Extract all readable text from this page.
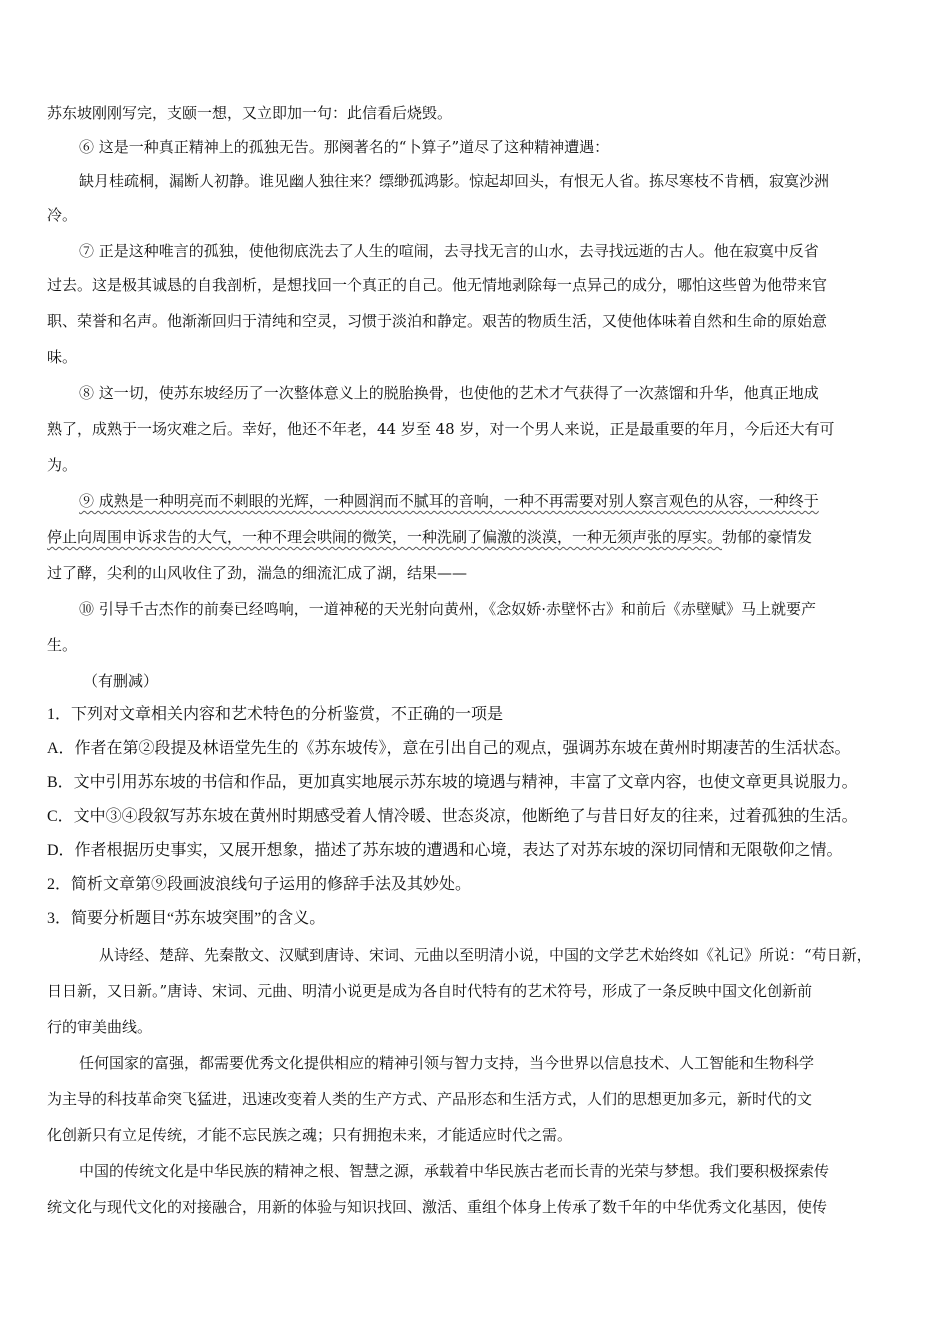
苏东坡刚刚写完，支颐一想，又立即加一句：此信看后烧毁。

⑥ 这是一种真正精神上的孤独无告。那阕著名的“卜算子”道尽了这种精神遭遇：

缺月桂疏桐，漏断人初静。谁见幽人独往来？缥缈孤鸿影。惊起却回头，有恨无人省。拣尽寒枝不肯栖，寂寞沙洲

冷。

⑦ 正是这种唯言的孤独，使他彻底洗去了人生的喧闹，去寻找无言的山水，去寻找远逝的古人。他在寂寞中反省

过去。这是极其诚恳的自我剖析，是想找回一个真正的自己。他无情地剥除每一点异己的成分，哪怕这些曾为他带来官

职、荣誉和名声。他渐渐回归于清纯和空灵，习惯于淡泊和静定。艰苦的物质生活，又使他体味着自然和生命的原始意

味。

⑧ 这一切，使苏东坡经历了一次整体意义上的脱胎换骨，也使他的艺术才气获得了一次蒸馏和升华，他真正地成

熟了，成熟于一场灾难之后。幸好，他还不年老，44 岁至 48 岁，对一个男人来说，正是最重要的年月，今后还大有可

为。

⑨ 成熟是一种明亮而不刺眼的光辉，一种圆润而不腻耳的音响，一种不再需要对别人察言观色的从容，一种终于

停止向周围申诉求告的大气，一种不理会哄闹的微笑，一种洗刷了偏激的淡漠，一种无须声张的厚实。勃郁的豪情发

过了酵，尖利的山风收住了劲，湍急的细流汇成了湖，结果——

⑩ 引导千古杰作的前奏已经鸣响，一道神秘的天光射向黄州，《念奴娇·赤壁怀古》和前后《赤壁赋》马上就要产

生。

（有删减）

1．下列对文章相关内容和艺术特色的分析鉴赏，不正确的一项是

A．作者在第②段提及林语堂先生的《苏东坡传》，意在引出自己的观点，强调苏东坡在黄州时期凄苦的生活状态。

B．文中引用苏东坡的书信和作品，更加真实地展示苏东坡的境遇与精神，丰富了文章内容，也使文章更具说服力。

C．文中③④段叙写苏东坡在黄州时期感受着人情冷暖、世态炎凉，他断绝了与昔日好友的往来，过着孤独的生活。

D．作者根据历史事实，又展开想象，描述了苏东坡的遭遇和心境，表达了对苏东坡的深切同情和无限敬仰之情。

2．简析文章第⑨段画波浪线句子运用的修辞手法及其妙处。

3．简要分析题目“苏东坡突围”的含义。

从诗经、楚辞、先秦散文、汉赋到唐诗、宋词、元曲以至明清小说，中国的文学艺术始终如《礼记》所说：“苟日新，

日日新，又日新。”唐诗、宋词、元曲、明清小说更是成为各自时代特有的艺术符号，形成了一条反映中国文化创新前

行的审美曲线。

任何国家的富强，都需要优秀文化提供相应的精神引领与智力支持，当今世界以信息技术、人工智能和生物科学

为主导的科技革命突飞猛进，迅速改变着人类的生产方式、产品形态和生活方式，人们的思想更加多元，新时代的文

化创新只有立足传统，才能不忘民族之魂；只有拥抱未来，才能适应时代之需。

中国的传统文化是中华民族的精神之根、智慧之源，承载着中华民族古老而长青的光荣与梦想。我们要积极探索传

统文化与现代文化的对接融合，用新的体验与知识找回、激活、重组个体身上传承了数千年的中华优秀文化基因，使传
